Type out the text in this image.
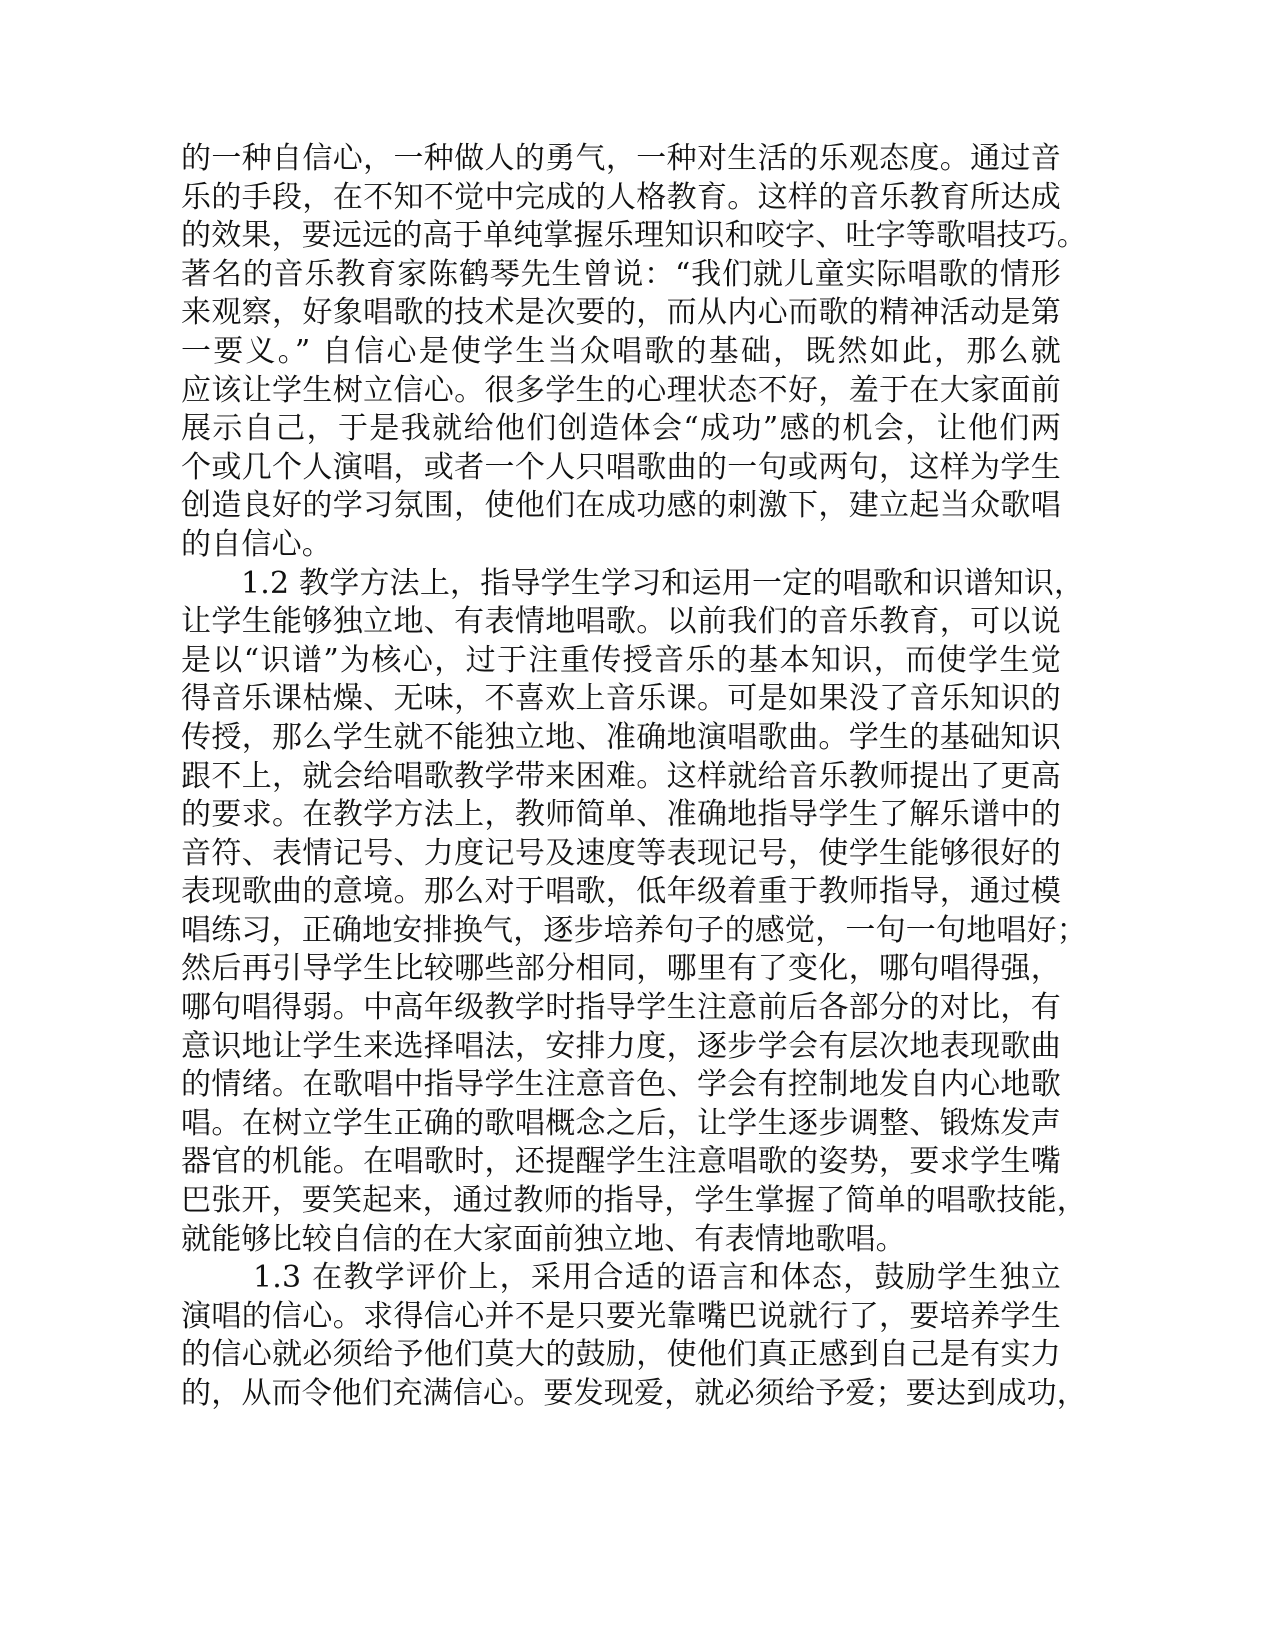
的一种自信心，一种做人的勇气，一种对生活的乐观态度。通过音
乐的手段，在不知不觉中完成的人格教育。这样的音乐教育所达成
的效果，要远远的高于单纯掌握乐理知识和咬字、吐字等歌唱技巧。
著名的音乐教育家陈鹤琴先生曾说：“我们就儿童实际唱歌的情形
来观察，好象唱歌的技术是次要的，而从内心而歌的精神活动是第
一要义。” 自信心是使学生当众唱歌的基础，既然如此，那么就
应该让学生树立信心。很多学生的心理状态不好，羞于在大家面前
展示自己，于是我就给他们创造体会“成功”感的机会，让他们两
个或几个人演唱，或者一个人只唱歌曲的一句或两句，这样为学生
创造良好的学习氛围，使他们在成功感的刺激下，建立起当众歌唱
的自信心。
1.2 教学方法上，指导学生学习和运用一定的唱歌和识谱知识，
让学生能够独立地、有表情地唱歌。以前我们的音乐教育，可以说
是以“识谱”为核心，过于注重传授音乐的基本知识，而使学生觉
得音乐课枯燥、无味，不喜欢上音乐课。可是如果没了音乐知识的
传授，那么学生就不能独立地、准确地演唱歌曲。学生的基础知识
跟不上，就会给唱歌教学带来困难。这样就给音乐教师提出了更高
的要求。在教学方法上，教师简单、准确地指导学生了解乐谱中的
音符、表情记号、力度记号及速度等表现记号，使学生能够很好的
表现歌曲的意境。那么对于唱歌，低年级着重于教师指导，通过模
唱练习，正确地安排换气，逐步培养句子的感觉，一句一句地唱好；
然后再引导学生比较哪些部分相同，哪里有了变化，哪句唱得强，
哪句唱得弱。中高年级教学时指导学生注意前后各部分的对比，有
意识地让学生来选择唱法，安排力度，逐步学会有层次地表现歌曲
的情绪。在歌唱中指导学生注意音色、学会有控制地发自内心地歌
唱。在树立学生正确的歌唱概念之后，让学生逐步调整、锻炼发声
器官的机能。在唱歌时，还提醒学生注意唱歌的姿势，要求学生嘴
巴张开，要笑起来，通过教师的指导，学生掌握了简单的唱歌技能，
就能够比较自信的在大家面前独立地、有表情地歌唱。
1.3 在教学评价上，采用合适的语言和体态，鼓励学生独立
演唱的信心。求得信心并不是只要光靠嘴巴说就行了，要培养学生
的信心就必须给予他们莫大的鼓励，使他们真正感到自己是有实力
的，从而令他们充满信心。要发现爱，就必须给予爱；要达到成功，
